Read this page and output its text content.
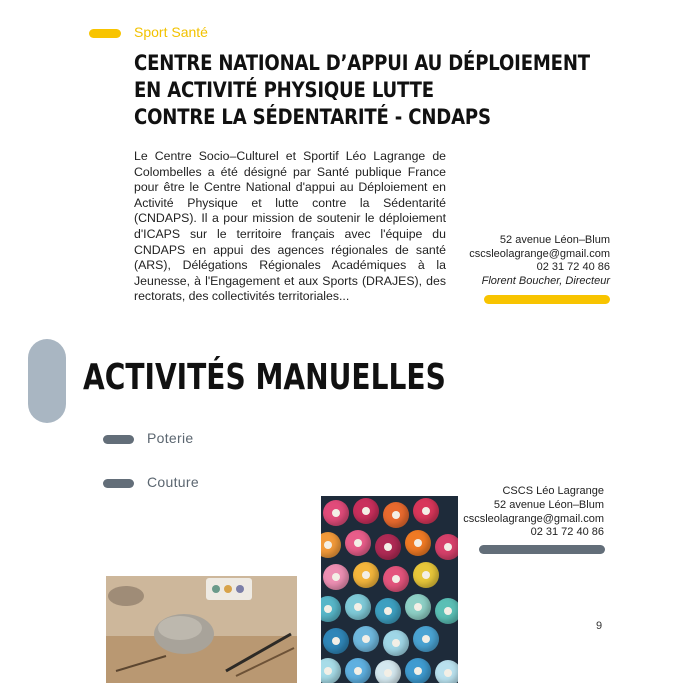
Sport Santé
CENTRE NATIONAL D’APPUI AU DÉPLOIEMENT
EN ACTIVITÉ PHYSIQUE LUTTE
CONTRE LA SÉDENTARITÉ - CNDAPS
Le Centre Socio–Culturel et Sportif Léo Lagrange de Colombelles a été désigné par Santé publique France pour être le Centre National d'appui au Déploiement en Activité Physique et lutte contre la Sédentarité (CNDAPS). Il a pour mission de soutenir le déploiement d'ICAPS sur le territoire français avec l'équipe du CNDAPS en appui des agences régionales de santé (ARS), Délégations Régionales Académiques à la Jeunesse, à l'Engagement et aux Sports (DRAJES), des rectorats, des collectivités territoriales...
52 avenue Léon–Blum
cscsleolagrange@gmail.com
02 31 72 40 86
Florent Boucher, Directeur
ACTIVITÉS MANUELLES
Poterie
Couture
CSCS Léo Lagrange
52 avenue Léon–Blum
cscsleolagrange@gmail.com
02 31 72 40 86
9
